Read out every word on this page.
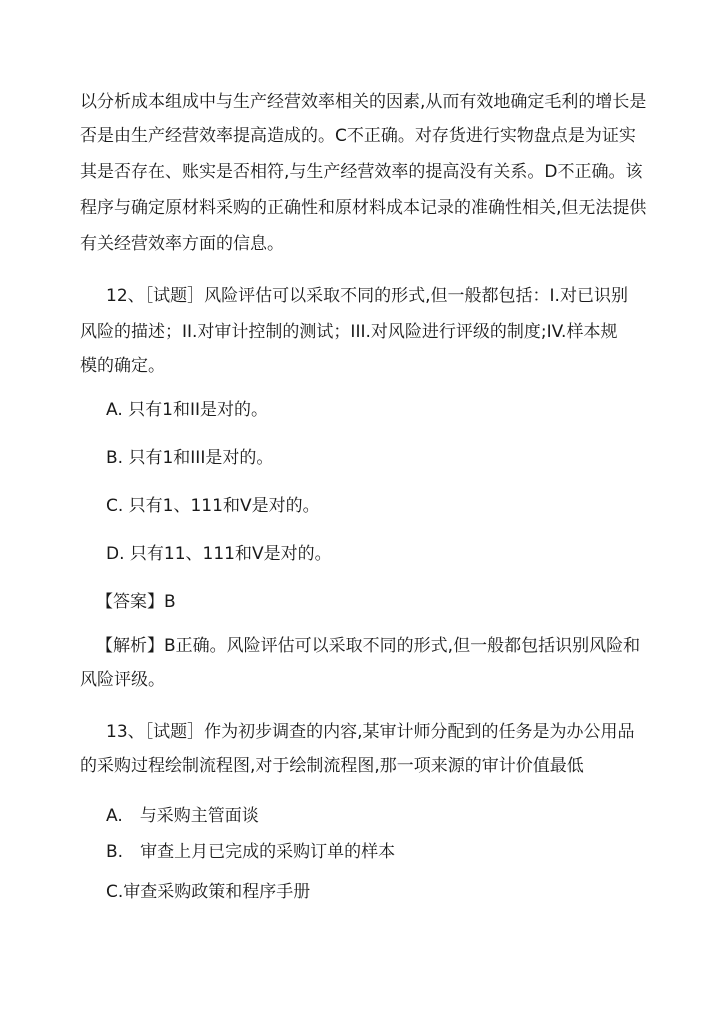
以分析成本组成中与生产经营效率相关的因素,从而有效地确定毛利的增长是

否是由生产经营效率提高造成的。C不正确。对存货进行实物盘点是为证实

其是否存在、账实是否相符,与生产经营效率的提高没有关系。D不正确。该

程序与确定原材料采购的正确性和原材料成本记录的准确性相关,但无法提供

有关经营效率方面的信息。

12、［试题］风险评估可以采取不同的形式,但一般都包括：I.对已识别

风险的描述；II.对审计控制的测试；III.对风险进行评级的制度;IV.样本规

模的确定。

A. 只有1和II是对的。

B. 只有1和III是对的。

C. 只有1、111和V是对的。

D. 只有11、111和V是对的。

【答案】B

【解析】B正确。风险评估可以采取不同的形式,但一般都包括识别风险和

风险评级。

13、［试题］作为初步调查的内容,某审计师分配到的任务是为办公用品

的采购过程绘制流程图,对于绘制流程图,那一项来源的审计价值最低

A.　与采购主管面谈

B.　审查上月已完成的采购订单的样本

C.审查采购政策和程序手册
